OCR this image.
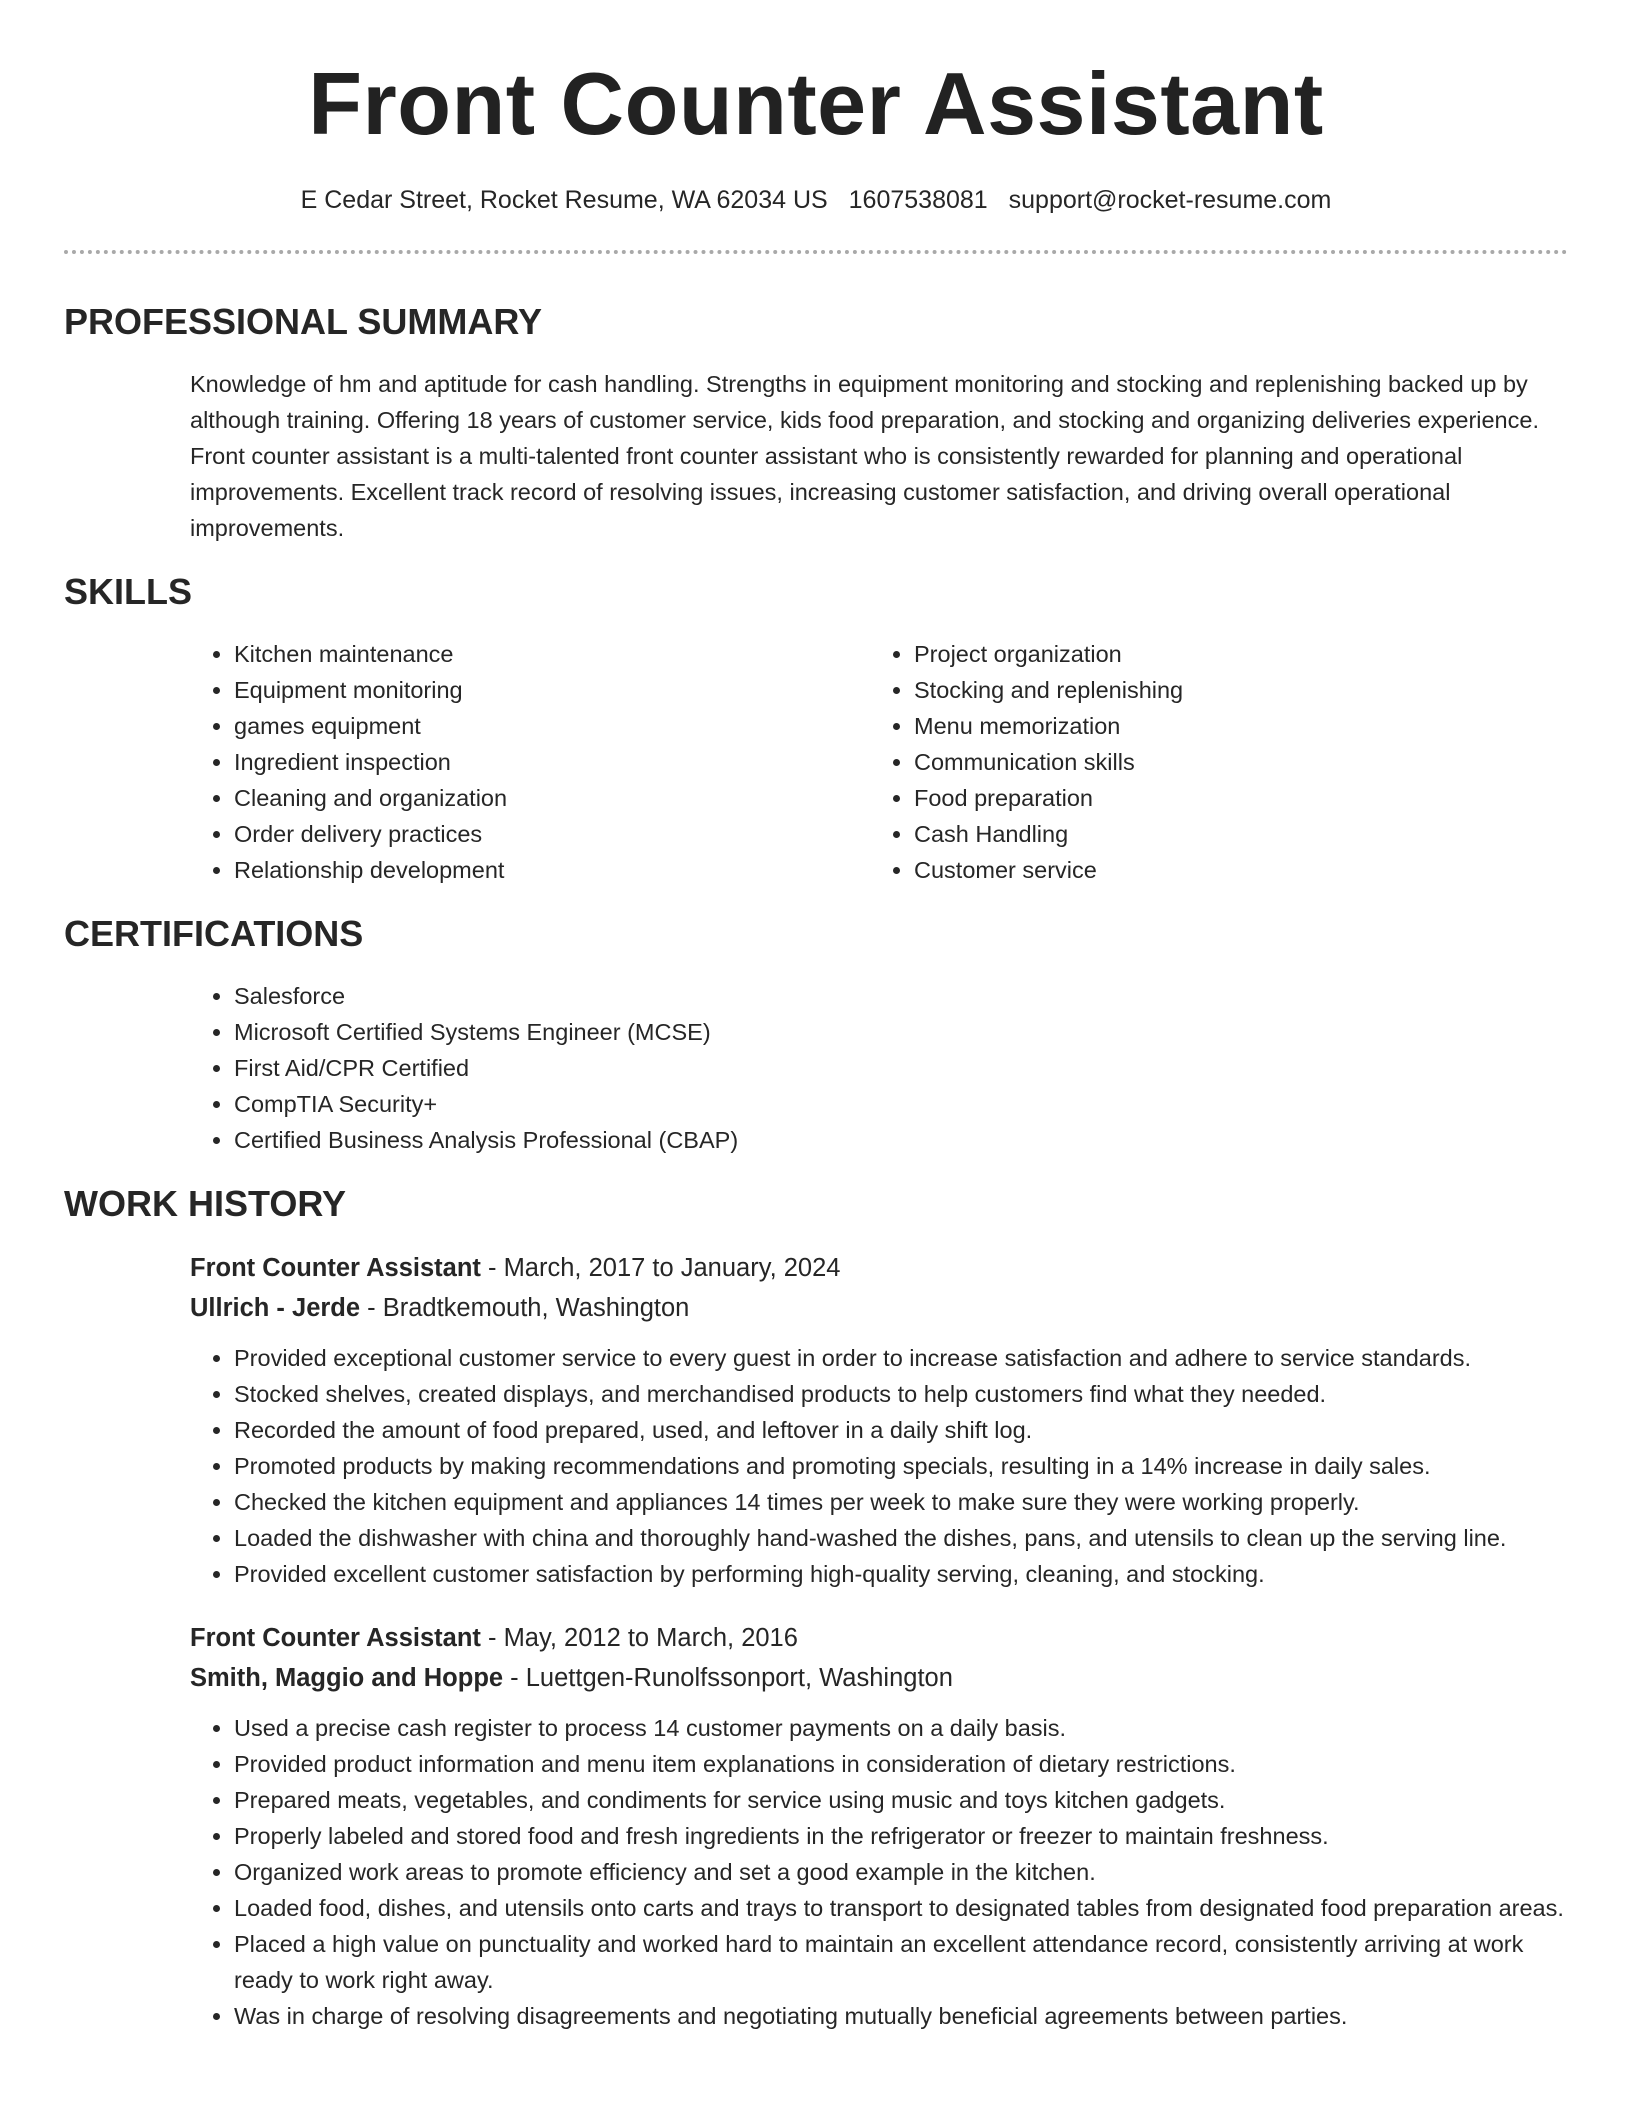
Front Counter Assistant
E Cedar Street, Rocket Resume, WA 62034 US 1607538081 support@rocket-resume.com
PROFESSIONAL SUMMARY

Knowledge of hm and aptitude for cash handling. Strengths in equipment monitoring and stocking and replenishing backed up by although training. Offering 18 years of customer service, kids food preparation, and stocking and organizing deliveries experience. Front counter assistant is a multi-talented front counter assistant who is consistently rewarded for planning and operational improvements. Excellent track record of resolving issues, increasing customer satisfaction, and driving overall operational improvements.

SKILLS
• Kitchen maintenance
• Equipment monitoring
• games equipment
• Ingredient inspection
• Cleaning and organization
• Order delivery practices
• Relationship development
• Project organization
• Stocking and replenishing
• Menu memorization
• Communication skills
• Food preparation
• Cash Handling
• Customer service
CERTIFICATIONS
• Salesforce
• Microsoft Certified Systems Engineer (MCSE)
• First Aid/CPR Certified
• CompTIA Security+
• Certified Business Analysis Professional (CBAP)
WORK HISTORY
Front Counter Assistant - March, 2017 to January, 2024
Ullrich - Jerde - Bradtkemouth, Washington
• Provided exceptional customer service to every guest in order to increase satisfaction and adhere to service standards.
• Stocked shelves, created displays, and merchandised products to help customers find what they needed.
• Recorded the amount of food prepared, used, and leftover in a daily shift log.
• Promoted products by making recommendations and promoting specials, resulting in a 14% increase in daily sales.
• Checked the kitchen equipment and appliances 14 times per week to make sure they were working properly.
• Loaded the dishwasher with china and thoroughly hand-washed the dishes, pans, and utensils to clean up the serving line.
• Provided excellent customer satisfaction by performing high-quality serving, cleaning, and stocking.
Front Counter Assistant - May, 2012 to March, 2016
Smith, Maggio and Hoppe - Luettgen-Runolfssonport, Washington
• Used a precise cash register to process 14 customer payments on a daily basis.
• Provided product information and menu item explanations in consideration of dietary restrictions.
• Prepared meats, vegetables, and condiments for service using music and toys kitchen gadgets.
• Properly labeled and stored food and fresh ingredients in the refrigerator or freezer to maintain freshness.
• Organized work areas to promote efficiency and set a good example in the kitchen.
• Loaded food, dishes, and utensils onto carts and trays to transport to designated tables from designated food preparation areas.
• Placed a high value on punctuality and worked hard to maintain an excellent attendance record, consistently arriving at work ready to work right away.
• Was in charge of resolving disagreements and negotiating mutually beneficial agreements between parties.
